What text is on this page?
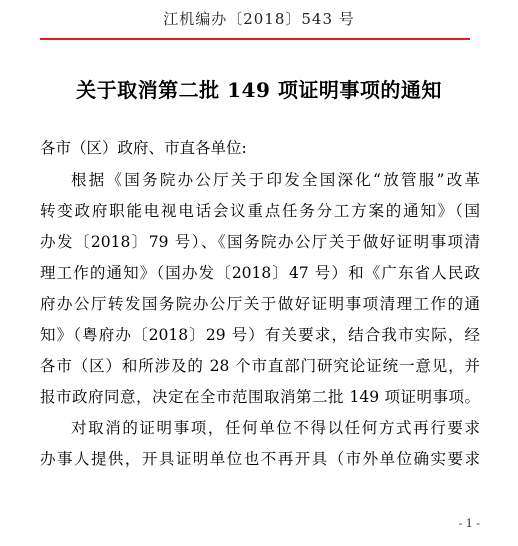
江机编办〔2018〕543 号
关于取消第二批 149 项证明事项的通知
各市（区）政府、市直各单位:
根据《国务院办公厅关于印发全国深化“放管服”改革
转变政府职能电视电话会议重点任务分工方案的通知》（国
办发〔2018〕79 号）、《国务院办公厅关于做好证明事项清
理工作的通知》（国办发〔2018〕47 号）和《广东省人民政
府办公厅转发国务院办公厅关于做好证明事项清理工作的通
知》（粤府办〔2018〕29 号）有关要求，结合我市实际，经
各市（区）和所涉及的 28 个市直部门研究论证统一意见，并
报市政府同意，决定在全市范围取消第二批 149 项证明事项。
对取消的证明事项，任何单位不得以任何方式再行要求
办事人提供，开具证明单位也不再开具（市外单位确实要求
- 1 -
